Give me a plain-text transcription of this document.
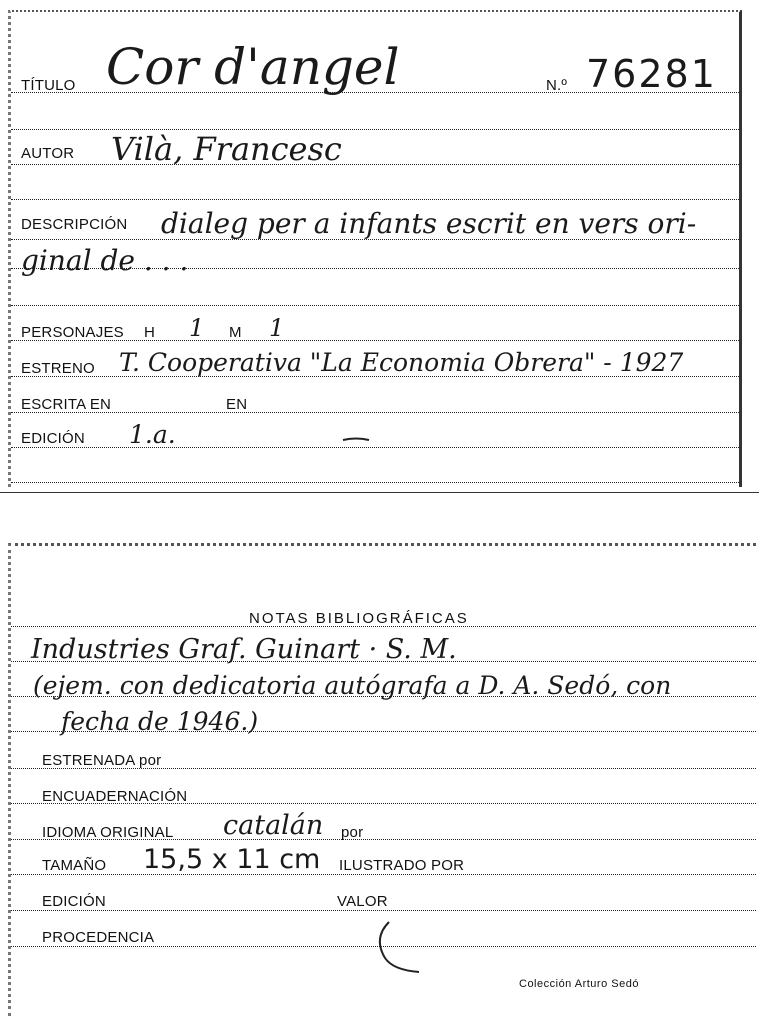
TÍTULO Cor d'angel	N.º 76281
AUTOR Vilà, Francesc
DESCRIPCIÓN dialeg per a infants escrit en vers ori-
ginal de . . .
PERSONAJES H 1 M 1
ESTRENO T. Cooperativa "La Economia Obrera" - 1927
ESCRITA EN	EN
EDICIÓN 1.a.
NOTAS BIBLIOGRÁFICAS
Industries Graf. Guinart · S. M.
(ejem. con dedicatoria autógrafa a D. A. Sedó, con
fecha de 1946.)
ESTRENADA por
ENCUADERNACIÓN
IDIOMA ORIGINAL catalán por
TAMAÑO 15,5 x 11 cm ILUSTRADO POR
EDICIÓN	VALOR
PROCEDENCIA
Colección Arturo Sedó
